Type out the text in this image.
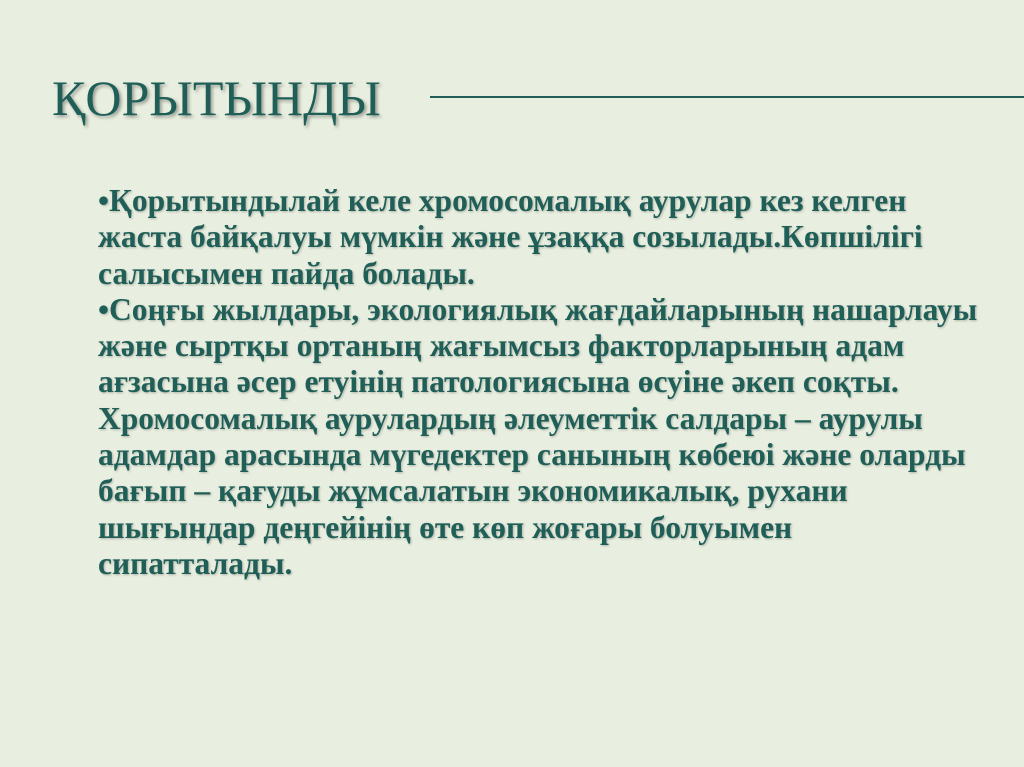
ҚОРЫТЫНДЫ
•Қорытындылай келе хромосомалық аурулар кез келген
жаста байқалуы мүмкін және ұзаққа созылады.Көпшілігі
салысымен пайда болады.
•Соңғы жылдары, экологиялық жағдайларының нашарлауы
және сыртқы ортаның жағымсыз факторларының адам
ағзасына әсер етуінің патологиясына өсуіне әкеп соқты.
Хромосомалық аурулардың әлеуметтік салдары – аурулы
адамдар арасында мүгедектер санының көбеюі және оларды
бағып – қағуды жұмсалатын экономикалық, рухани
шығындар деңгейінің өте көп жоғары болуымен
сипатталады.
